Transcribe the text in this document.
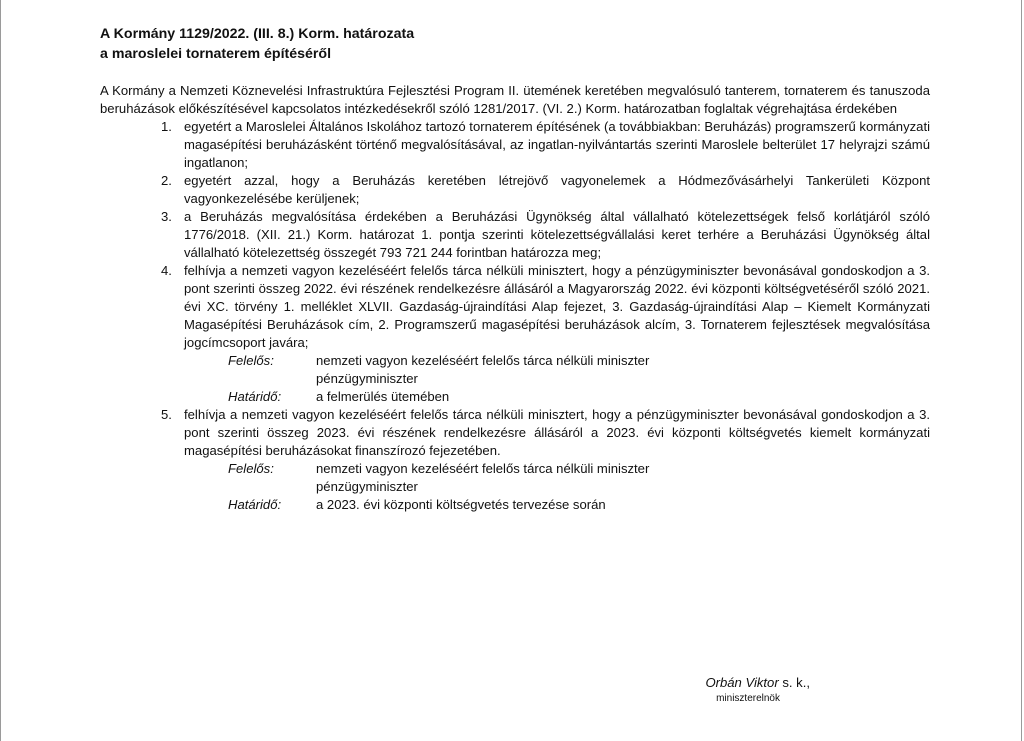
A Kormány 1129/2022. (III. 8.) Korm. határozata
a maroslelei tornaterem építéséről

A Kormány a Nemzeti Köznevelési Infrastruktúra Fejlesztési Program II. ütemének keretében megvalósuló tanterem, tornaterem és tanuszoda beruházások előkészítésével kapcsolatos intézkedésekről szóló 1281/2017. (VI. 2.) Korm. határozatban foglaltak végrehajtása érdekében

1. egyetért a Maroslelei Általános Iskolához tartozó tornaterem építésének (a továbbiakban: Beruházás) programszerű kormányzati magasépítési beruházásként történő megvalósításával, az ingatlan-nyilvántartás szerinti Maroslele belterület 17 helyrajzi számú ingatlanon;
2. egyetért azzal, hogy a Beruházás keretében létrejövő vagyonelemek a Hódmezővásárhelyi Tankerületi Központ vagyonkezelésébe kerüljenek;
3. a Beruházás megvalósítása érdekében a Beruházási Ügynökség által vállalható kötelezettségek felső korlátjáról szóló 1776/2018. (XII. 21.) Korm. határozat 1. pontja szerinti kötelezettségvállalási keret terhére a Beruházási Ügynökség által vállalható kötelezettség összegét 793 721 244 forintban határozza meg;
4. felhívja a nemzeti vagyon kezeléséért felelős tárca nélküli minisztert, hogy a pénzügyminiszter bevonásával gondoskodjon a 3. pont szerinti összeg 2022. évi részének rendelkezésre állásáról a Magyarország 2022. évi központi költségvetéséről szóló 2021. évi XC. törvény 1. melléklet XLVII. Gazdaság-újraindítási Alap fejezet, 3. Gazdaság-újraindítási Alap – Kiemelt Kormányzati Magasépítési Beruházások cím, 2. Programszerű magasépítési beruházások alcím, 3. Tornaterem fejlesztések megvalósítása jogcímcsoport javára;
Felelős:	nemzeti vagyon kezeléséért felelős tárca nélküli miniszter
pénzügyminiszter
Határidő:	a felmerülés ütemében
5. felhívja a nemzeti vagyon kezeléséért felelős tárca nélküli minisztert, hogy a pénzügyminiszter bevonásával gondoskodjon a 3. pont szerinti összeg 2023. évi részének rendelkezésre állásáról a 2023. évi központi költségvetés kiemelt kormányzati magasépítési beruházásokat finanszírozó fejezetében.
Felelős:	nemzeti vagyon kezeléséért felelős tárca nélküli miniszter
pénzügyminiszter
Határidő:	a 2023. évi központi költségvetés tervezése során
Orbán Viktor s. k.,
miniszterelnök
